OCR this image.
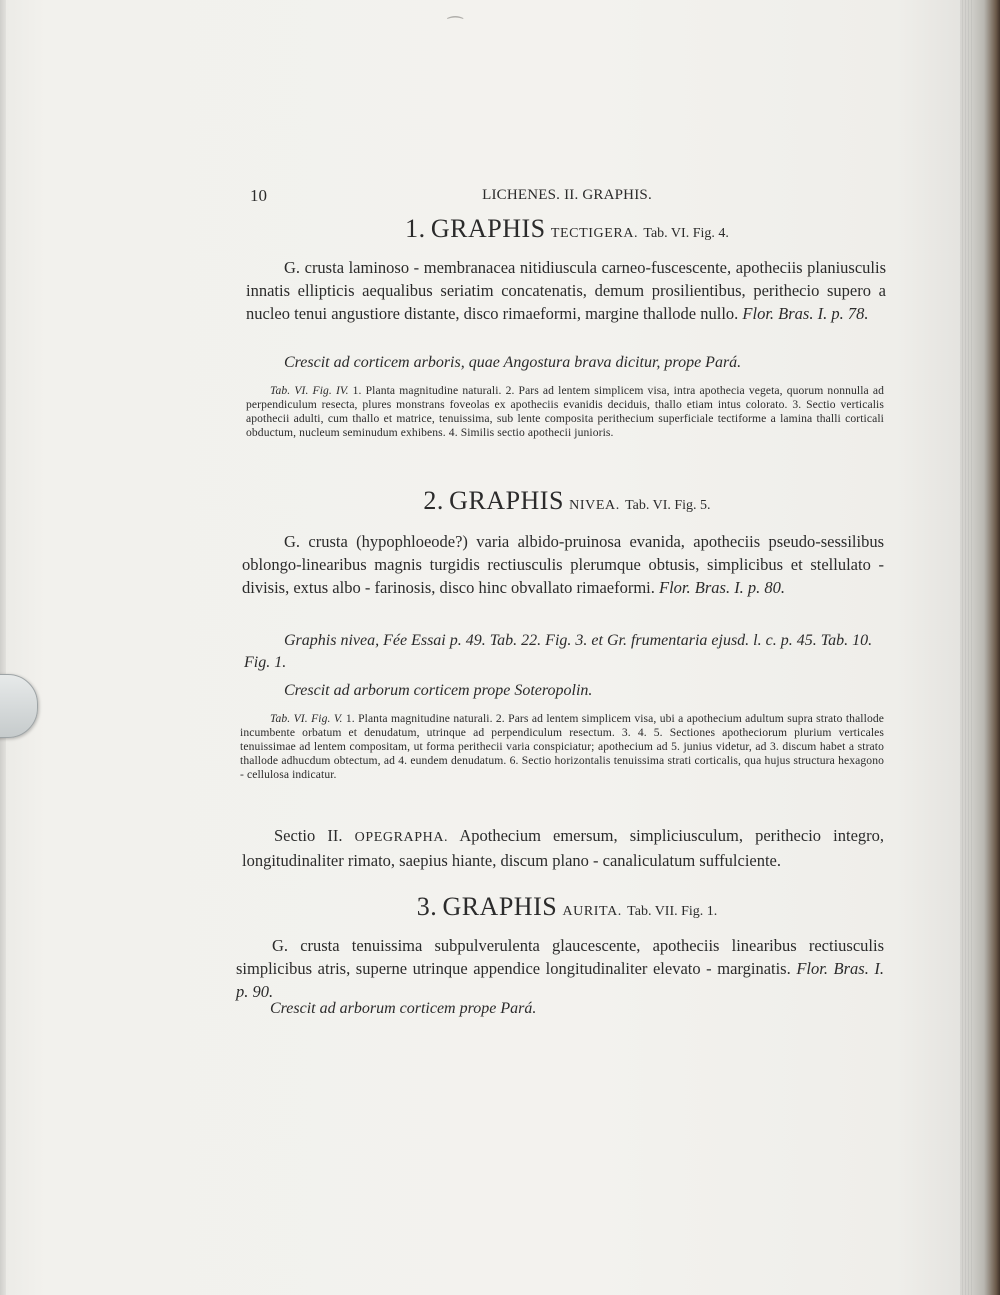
⁀
10	LICHENES. II. GRAPHIS.
1. GRAPHIS TECTIGERA. Tab. VI. Fig. 4.

G. crusta laminoso - membranacea nitidiuscula carneo-fuscescente, apotheciis planiusculis innatis ellipticis aequalibus seriatim concatenatis, demum prosilientibus, perithecio supero a nucleo tenui angustiore distante, disco rimaeformi, margine thallode nullo. Flor. Bras. I. p. 78.

Crescit ad corticem arboris, quae Angostura brava dicitur, prope Pará.

Tab. VI. Fig. IV. 1. Planta magnitudine naturali. 2. Pars ad lentem simplicem visa, intra apothecia vegeta, quorum nonnulla ad perpendiculum resecta, plures monstrans foveolas ex apotheciis evanidis deciduis, thallo etiam intus colorato. 3. Sectio verticalis apothecii adulti, cum thallo et matrice, tenuissima, sub lente composita perithecium superficiale tectiforme a lamina thalli corticali obductum, nucleum seminudum exhibens. 4. Similis sectio apothecii junioris.

2. GRAPHIS NIVEA. Tab. VI. Fig. 5.

G. crusta (hypophloeode?) varia albido-pruinosa evanida, apotheciis pseudo-sessilibus oblongo-linearibus magnis turgidis rectiusculis plerumque obtusis, simplicibus et stellulato - divisis, extus albo - farinosis, disco hinc obvallato rimaeformi. Flor. Bras. I. p. 80.

Graphis nivea, Fée Essai p. 49. Tab. 22. Fig. 3. et Gr. frumentaria ejusd. l. c. p. 45. Tab. 10. Fig. 1.

Crescit ad arborum corticem prope Soteropolin.

Tab. VI. Fig. V. 1. Planta magnitudine naturali. 2. Pars ad lentem simplicem visa, ubi a apothecium adultum supra strato thallode incumbente orbatum et denudatum, utrinque ad perpendiculum resectum. 3. 4. 5. Sectiones apotheciorum plurium verticales tenuissimae ad lentem compositam, ut forma perithecii varia conspiciatur; apothecium ad 5. junius videtur, ad 3. discum habet a strato thallode adhucdum obtectum, ad 4. eundem denudatum. 6. Sectio horizontalis tenuissima strati corticalis, qua hujus structura hexagono - cellulosa indicatur.

Sectio II. OPEGRAPHA. Apothecium emersum, simpliciusculum, perithecio integro, longitudinaliter rimato, saepius hiante, discum plano - canaliculatum suffulciente.

3. GRAPHIS AURITA. Tab. VII. Fig. 1.

G. crusta tenuissima subpulverulenta glaucescente, apotheciis linearibus rectiusculis simplicibus atris, superne utrinque appendice longitudinaliter elevato - marginatis. Flor. Bras. I. p. 90.

Crescit ad arborum corticem prope Pará.
